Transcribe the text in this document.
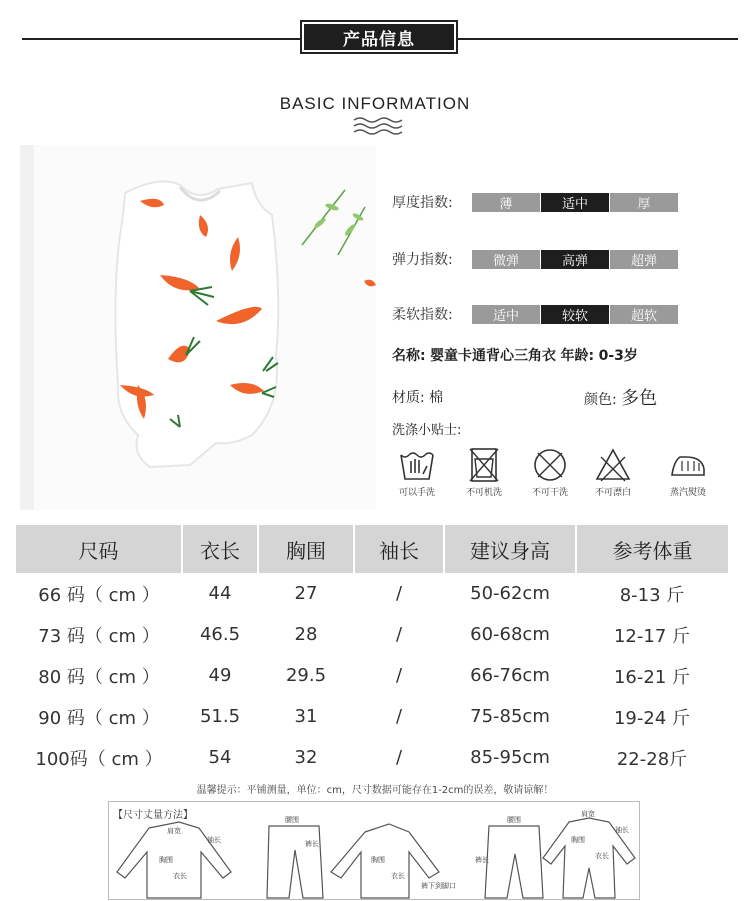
产品信息
BASIC INFORMATION
厚度指数:	薄	适中	厚
弹力指数:	微弹	高弹	超弹
柔软指数:	适中	较软	超软
名称: 婴童卡通背心三角衣 年龄: 0-3岁
材质: 棉	颜色: 多色
洗涤小贴士:
可以手洗	不可机洗	不可干洗	不可漂白	蒸汽熨烫
尺码	衣长	胸围	袖长	建议身高	参考体重
66 码（ cm ）	44	27	/	50-62cm	8-13 斤
73 码（ cm ）	46.5	28	/	60-68cm	12-17 斤
80 码（ cm ）	49	29.5	/	66-76cm	16-21 斤
90 码（ cm ）	51.5	31	/	75-85cm	19-24 斤
100码（ cm ）	54	32	/	85-95cm	22-28斤
温馨提示：平铺测量，单位：cm，尺寸数据可能存在1-2cm的误差，敬请谅解！
【尺寸丈量方法】
肩宽
袖长
胸围
衣长
腰围
裤长
胸围
衣长
裤下到脚口
腰围
裤长
肩宽
胸围
衣长
袖长
